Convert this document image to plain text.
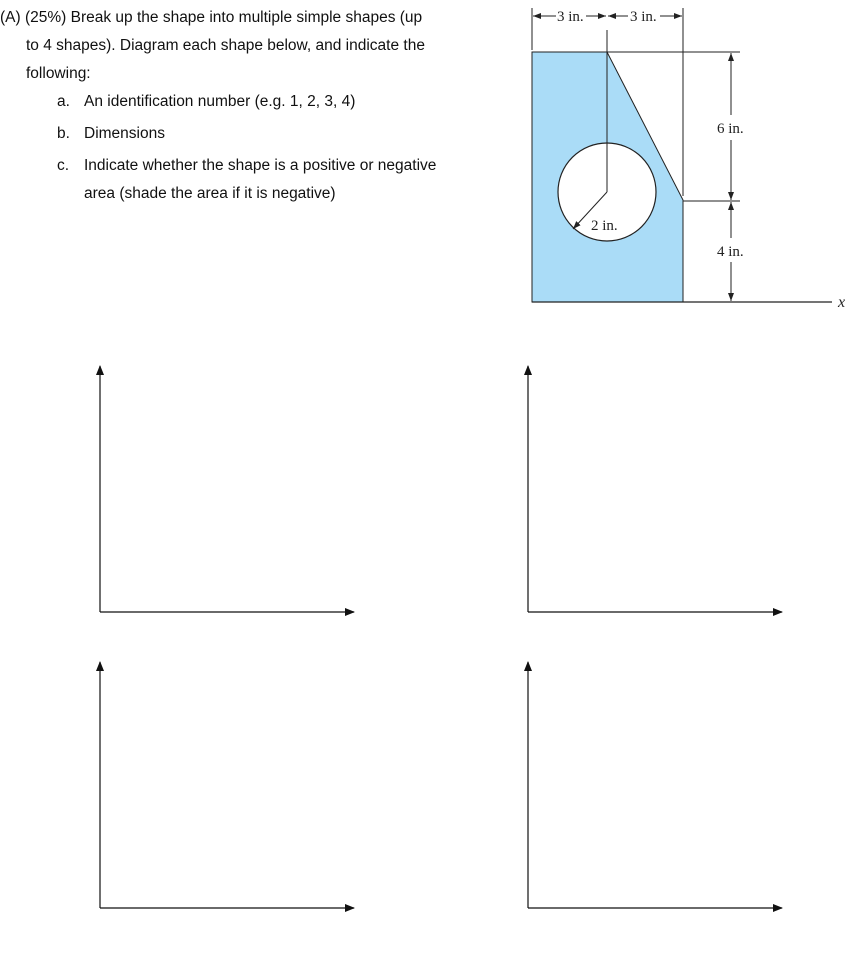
(A) (25%) Break up the shape into multiple simple shapes (up
to 4 shapes). Diagram each shape below, and indicate the
following:
a. An identification number (e.g. 1, 2, 3, 4)
b. Dimensions
c. Indicate whether the shape is a positive or negative
area (shade the area if it is negative)
2 in.
3 in.	3 in.
6 in.
4 in.
x
